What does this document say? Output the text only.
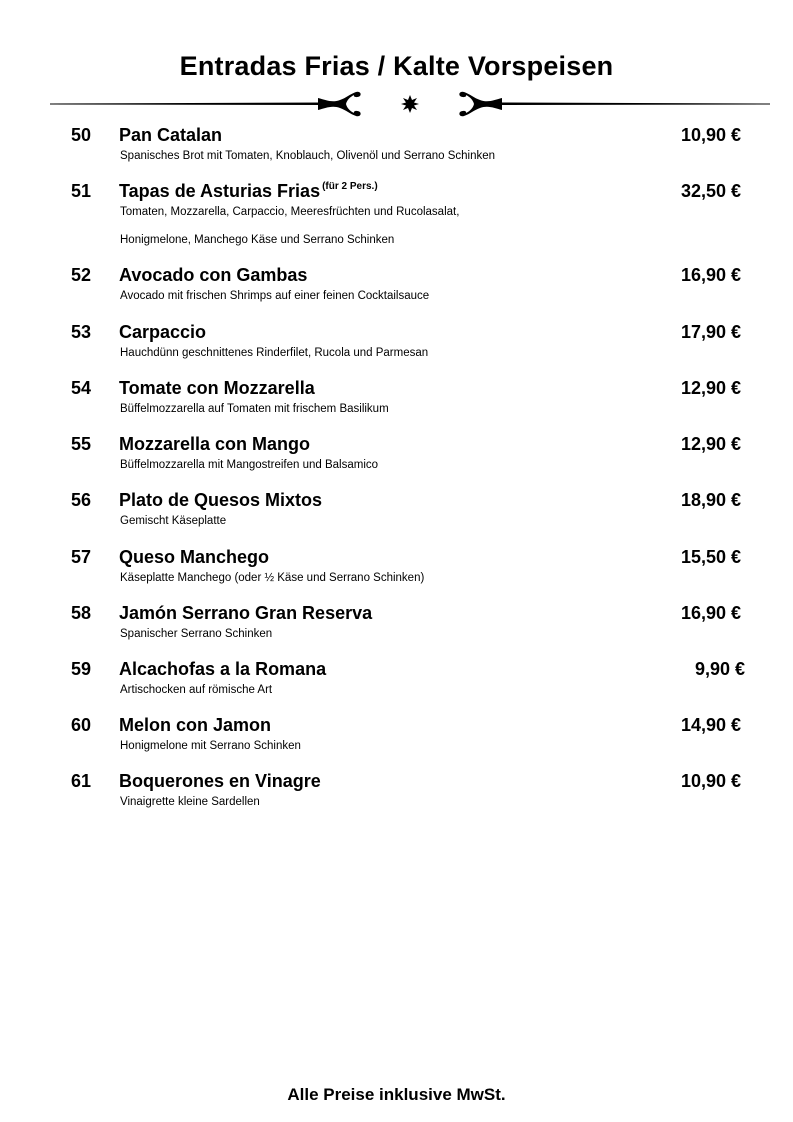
Entradas Frias / Kalte Vorspeisen
50 Pan Catalan	10,90 €
Spanisches Brot mit Tomaten, Knoblauch, Olivenöl und Serrano Schinken
51 Tapas de Asturias Frias $^{(für 2 Pers.)}$	32,50 €
Tomaten, Mozzarella, Carpaccio, Meeresfrüchten und Rucolasalat,
Honigmelone, Manchego Käse und Serrano Schinken
52 Avocado con Gambas	16,90 €
Avocado mit frischen Shrimps auf einer feinen Cocktailsauce
53 Carpaccio	17,90 €
Hauchdünn geschnittenes Rinderfilet, Rucola und Parmesan
54 Tomate con Mozzarella	12,90 €
Büffelmozzarella auf Tomaten mit frischem Basilikum
55 Mozzarella con Mango	12,90 €
Büffelmozzarella mit Mangostreifen und Balsamico
56 Plato de Quesos Mixtos	18,90 €
Gemischt Käseplatte
57 Queso Manchego	15,50 €
Käseplatte Manchego (oder ½ Käse und Serrano Schinken)
58 Jamón Serrano Gran Reserva	16,90 €
Spanischer Serrano Schinken
59 Alcachofas a la Romana	9,90 €
Artischocken auf römische Art
60 Melon con Jamon	14,90 €
Honigmelone mit Serrano Schinken
61 Boquerones en Vinagre	10,90 €
Vinaigrette kleine Sardellen
Alle Preise inklusive MwSt.
